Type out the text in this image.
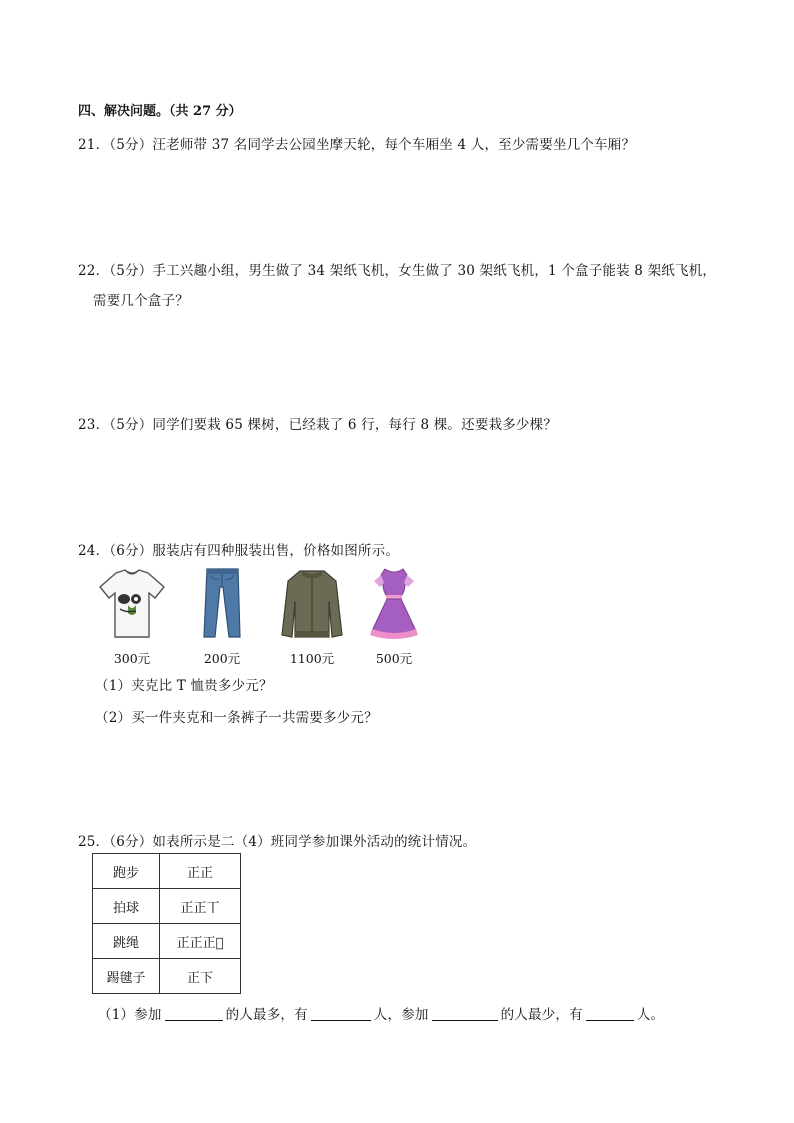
四、解决问题。（共 27 分）
21．（5分）汪老师带 37 名同学去公园坐摩天轮，每个车厢坐 4 人，至少需要坐几个车厢？
22．（5分）手工兴趣小组，男生做了 34 架纸飞机，女生做了 30 架纸飞机，1 个盒子能装 8 架纸飞机，
需要几个盒子？
23．（5分）同学们要栽 65 棵树，已经栽了 6 行，每行 8 棵。还要栽多少棵？
24．（6分）服装店有四种服装出售，价格如图所示。
300元	200元	1100元	500元
（1）夹克比 T 恤贵多少元？
（2）买一件夹克和一条裤子一共需要多少元？
25．（6分）如表所示是二（4）班同学参加课外活动的统计情况。
跑步	正正
拍球	正正丅
跳绳	正正正𤓰
踢毽子	正下
（1）参加	的人最多，有	人，参加	的人最少，有	人。
